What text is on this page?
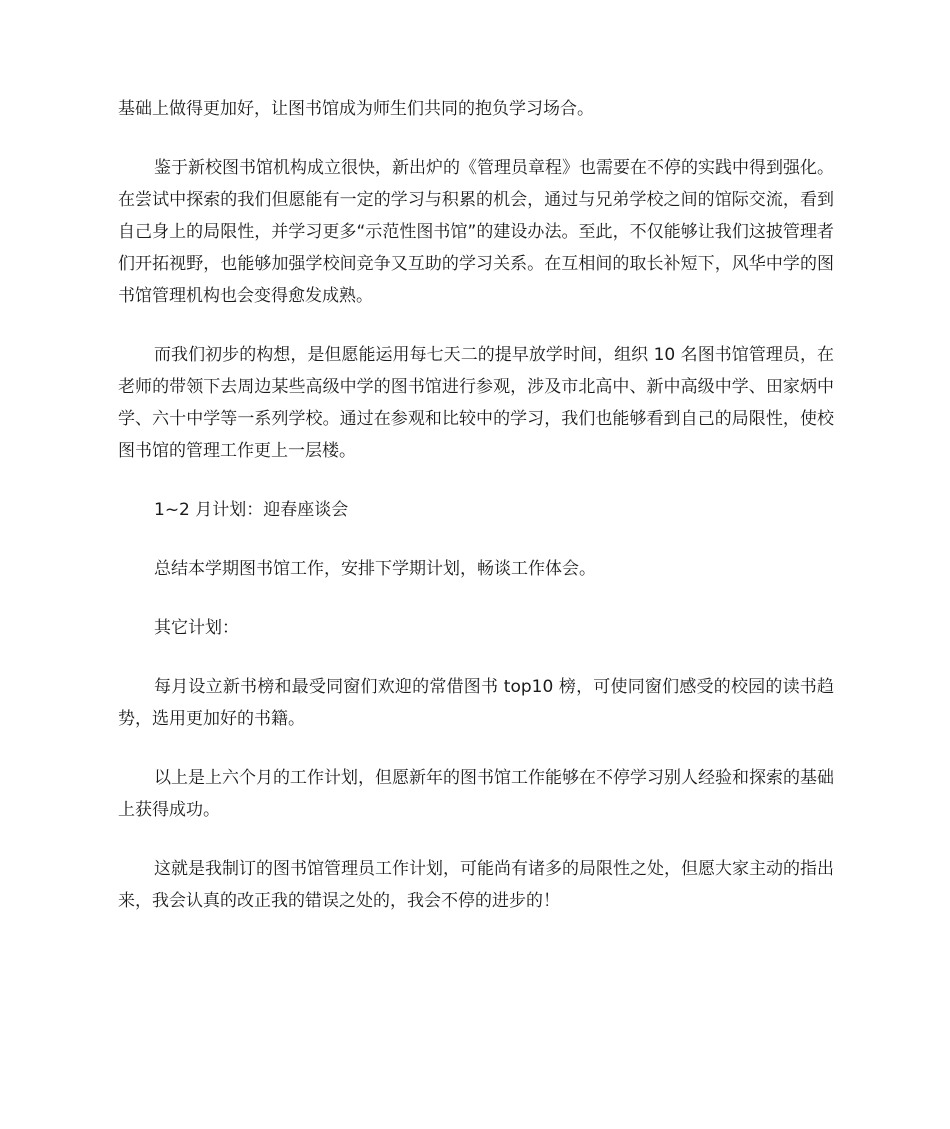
基础上做得更加好，让图书馆成为师生们共同的抱负学习场合。

鉴于新校图书馆机构成立很快，新出炉的《管理员章程》也需要在不停的实践中得到强化。在尝试中探索的我们但愿能有一定的学习与积累的机会，通过与兄弟学校之间的馆际交流，看到自己身上的局限性，并学习更多“示范性图书馆”的建设办法。至此，不仅能够让我们这披管理者们开拓视野，也能够加强学校间竞争又互助的学习关系。在互相间的取长补短下，风华中学的图书馆管理机构也会变得愈发成熟。

而我们初步的构想，是但愿能运用每七天二的提早放学时间，组织 10 名图书馆管理员，在老师的带领下去周边某些高级中学的图书馆进行参观，涉及市北高中、新中高级中学、田家炳中学、六十中学等一系列学校。通过在参观和比较中的学习，我们也能够看到自己的局限性，使校图书馆的管理工作更上一层楼。

1~2 月计划：迎春座谈会

总结本学期图书馆工作，安排下学期计划，畅谈工作体会。

其它计划：

每月设立新书榜和最受同窗们欢迎的常借图书 top10 榜，可使同窗们感受的校园的读书趋势，选用更加好的书籍。

以上是上六个月的工作计划，但愿新年的图书馆工作能够在不停学习别人经验和探索的基础上获得成功。

这就是我制订的图书馆管理员工作计划，可能尚有诸多的局限性之处，但愿大家主动的指出来，我会认真的改正我的错误之处的，我会不停的进步的！
